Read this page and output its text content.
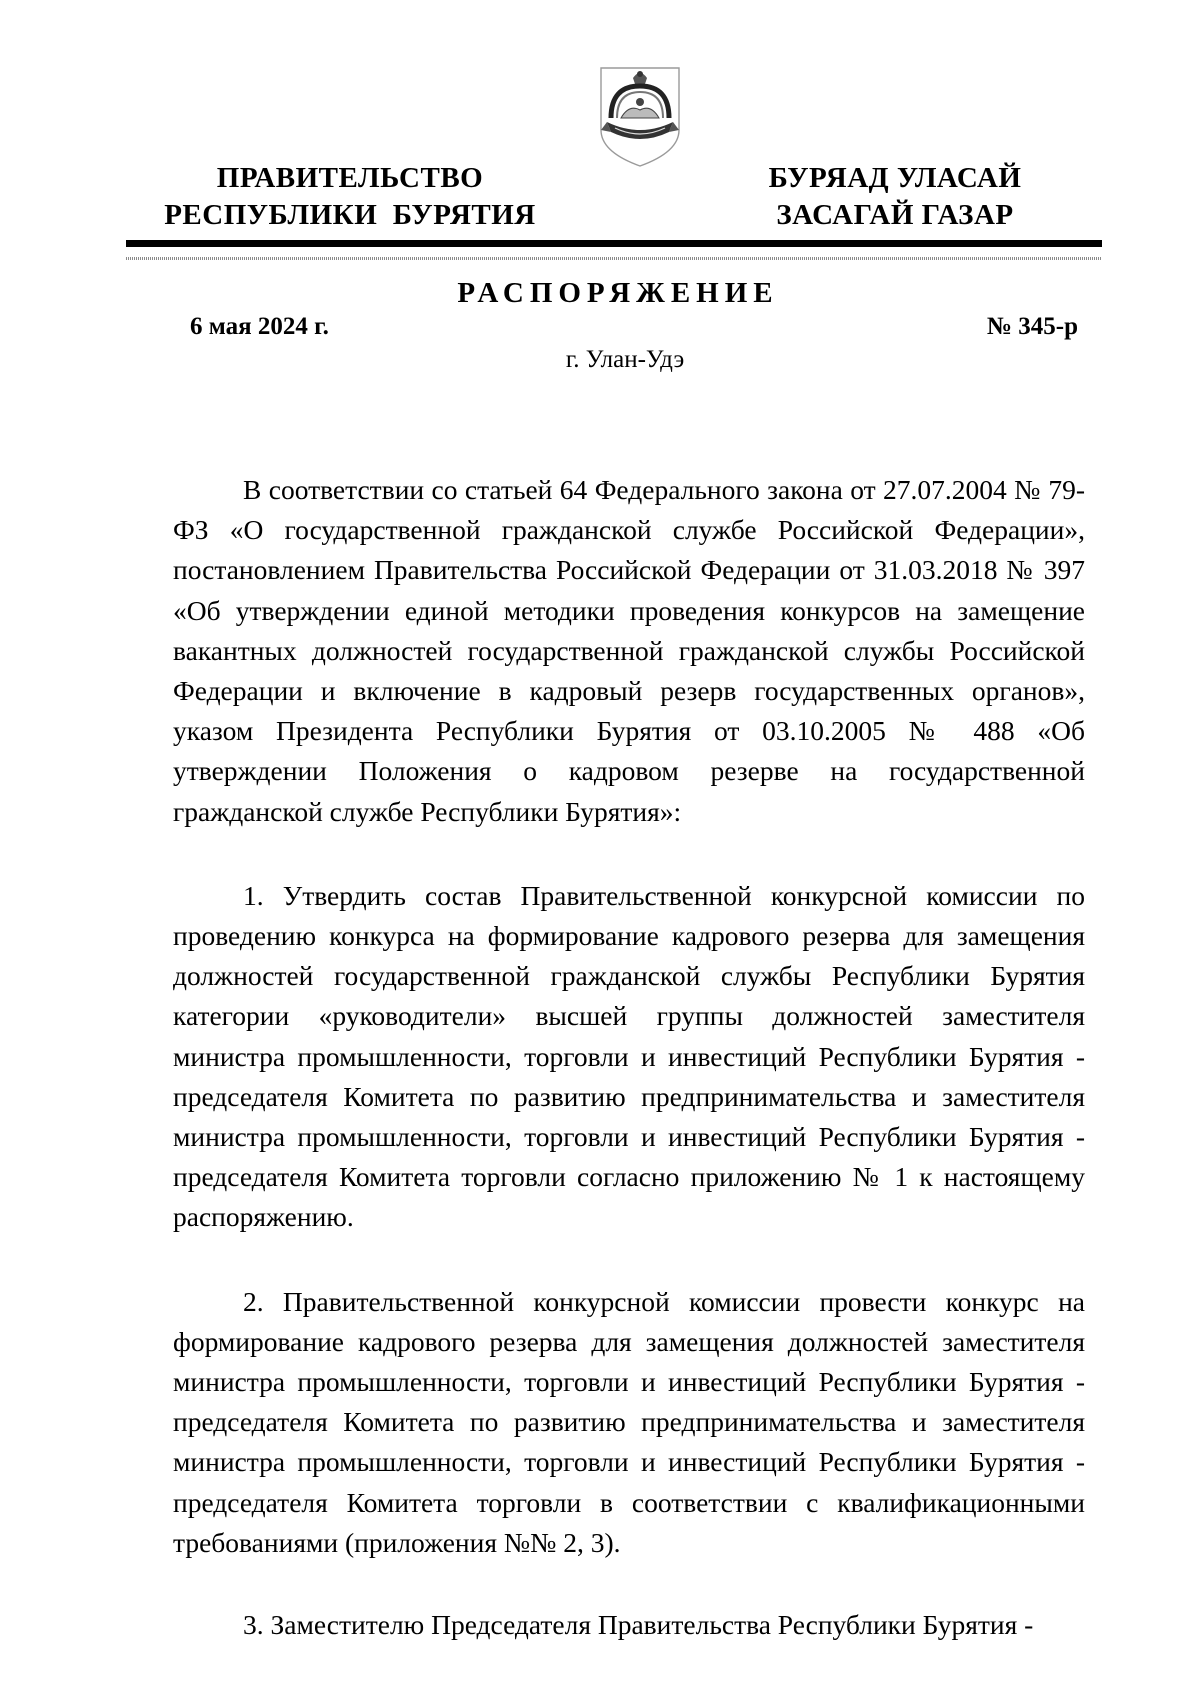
ПРАВИТЕЛЬСТВО
РЕСПУБЛИКИ  БУРЯТИЯ
БУРЯАД УЛАСАЙ
ЗАСАГАЙ ГАЗАР
РАСПОРЯЖЕНИЕ
6 мая 2024 г.	№ 345-р
г. Улан-Удэ

В соответствии со статьей 64 Федерального закона от 27.07.2004 № 79-ФЗ «О государственной гражданской службе Российской Федерации», постановлением Правительства Российской Федерации от 31.03.2018 № 397 «Об утверждении единой методики проведения конкурсов на замещение вакантных должностей государственной гражданской службы Российской Федерации и включение в кадровый резерв государственных органов», указом Президента Республики Бурятия от 03.10.2005 № 488 «Об утверждении Положения о кадровом резерве на государственной гражданской службе Республики Бурятия»:

1. Утвердить состав Правительственной конкурсной комиссии по проведению конкурса на формирование кадрового резерва для замещения должностей государственной гражданской службы Республики Бурятия категории «руководители» высшей группы должностей заместителя министра промышленности, торговли и инвестиций Республики Бурятия - председателя Комитета по развитию предпринимательства и заместителя министра промышленности, торговли и инвестиций Республики Бурятия - председателя Комитета торговли согласно приложению № 1 к настоящему распоряжению.

2. Правительственной конкурсной комиссии провести конкурс на формирование кадрового резерва для замещения должностей заместителя министра промышленности, торговли и инвестиций Республики Бурятия - председателя Комитета по развитию предпринимательства и заместителя министра промышленности, торговли и инвестиций Республики Бурятия - председателя Комитета торговли в соответствии с квалификационными требованиями (приложения №№ 2, 3).

3. Заместителю Председателя Правительства Республики Бурятия -
